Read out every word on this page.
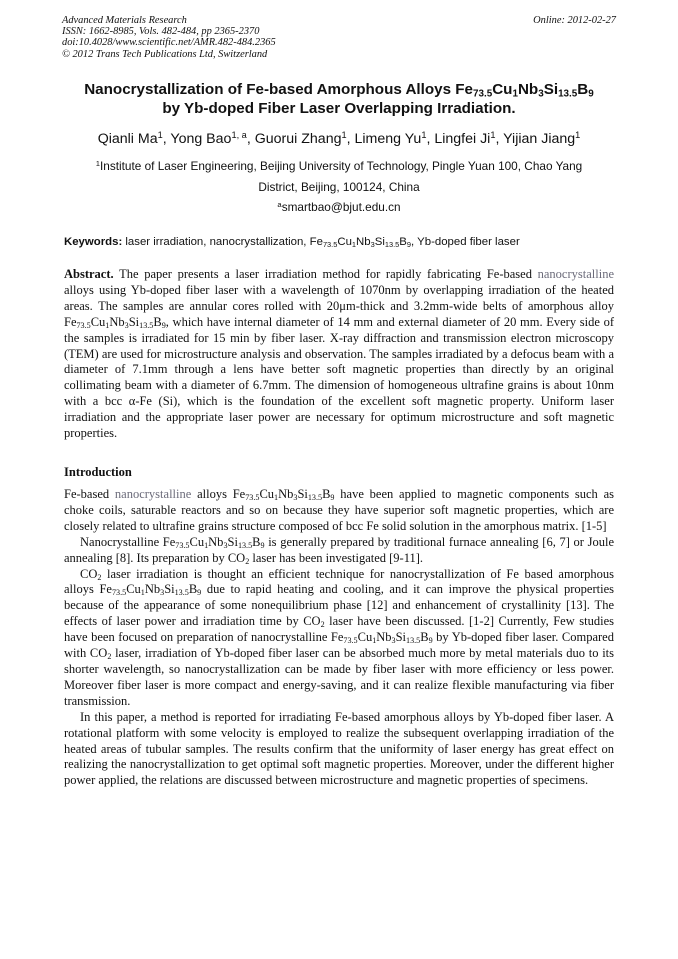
Advanced Materials Research
ISSN: 1662-8985, Vols. 482-484, pp 2365-2370
doi:10.4028/www.scientific.net/AMR.482-484.2365
© 2012 Trans Tech Publications Ltd, Switzerland
Online: 2012-02-27
Nanocrystallization of Fe-based Amorphous Alloys $Fe_{73.5}Cu_1Nb_3Si_{13.5}B_9$
by Yb-doped Fiber Laser Overlapping Irradiation.
Qianli Ma$^1$, Yong Bao$^{1, a}$, Guorui Zhang$^1$, Limeng Yu$^1$, Lingfei Ji$^1$, Yijian Jiang$^1$
$^1$Institute of Laser Engineering, Beijing University of Technology, Pingle Yuan 100, Chao Yang
District, Beijing, 100124, China
$^a$smartbao@bjut.edu.cn
Keywords: laser irradiation, nanocrystallization, $Fe_{73.5}Cu_1Nb_3Si_{13.5}B_9$, Yb-doped fiber laser

Abstract. The paper presents a laser irradiation method for rapidly fabricating Fe-based nanocrystalline alloys using Yb-doped fiber laser with a wavelength of 1070nm by overlapping irradiation of the heated areas. The samples are annular cores rolled with 20μm-thick and 3.2mm-wide belts of amorphous alloy $Fe_{73.5}Cu_1Nb_3Si_{13.5}B_9$, which have internal diameter of 14 mm and external diameter of 20 mm. Every side of the samples is irradiated for 15 min by fiber laser. X-ray diffraction and transmission electron microscopy (TEM) are used for microstructure analysis and observation. The samples irradiated by a defocus beam with a diameter of 7.1mm through a lens have better soft magnetic properties than directly by an original collimating beam with a diameter of 6.7mm. The dimension of homogeneous ultrafine grains is about 10nm with a bcc α-Fe (Si), which is the foundation of the excellent soft magnetic property. Uniform laser irradiation and the appropriate laser power are necessary for optimum microstructure and soft magnetic properties.

Introduction

Fe-based nanocrystalline alloys $Fe_{73.5}Cu_1Nb_3Si_{13.5}B_9$ have been applied to magnetic components such as choke coils, saturable reactors and so on because they have superior soft magnetic properties, which are closely related to ultrafine grains structure composed of bcc Fe solid solution in the amorphous matrix. [1-5]

Nanocrystalline $Fe_{73.5}Cu_1Nb_3Si_{13.5}B_9$ is generally prepared by traditional furnace annealing [6, 7] or Joule annealing [8]. Its preparation by $CO_2$ laser has been investigated [9-11].

$CO_2$ laser irradiation is thought an efficient technique for nanocrystallization of Fe based amorphous alloys $Fe_{73.5}Cu_1Nb_3Si_{13.5}B_9$ due to rapid heating and cooling, and it can improve the physical properties because of the appearance of some nonequilibrium phase [12] and enhancement of crystallinity [13]. The effects of laser power and irradiation time by $CO_2$ laser have been discussed. [1-2] Currently, Few studies have been focused on preparation of nanocrystalline $Fe_{73.5}Cu_1Nb_3Si_{13.5}B_9$ by Yb-doped fiber laser. Compared with $CO_2$ laser, irradiation of Yb-doped fiber laser can be absorbed much more by metal materials duo to its shorter wavelength, so nanocrystallization can be made by fiber laser with more efficiency or less power. Moreover fiber laser is more compact and energy-saving, and it can realize flexible manufacturing via fiber transmission.

In this paper, a method is reported for irradiating Fe-based amorphous alloys by Yb-doped fiber laser. A rotational platform with some velocity is employed to realize the subsequent overlapping irradiation of the heated areas of tubular samples. The results confirm that the uniformity of laser energy has great effect on realizing the nanocrystallization to get optimal soft magnetic properties. Moreover, under the different higher power applied, the relations are discussed between microstructure and magnetic properties of specimens.
